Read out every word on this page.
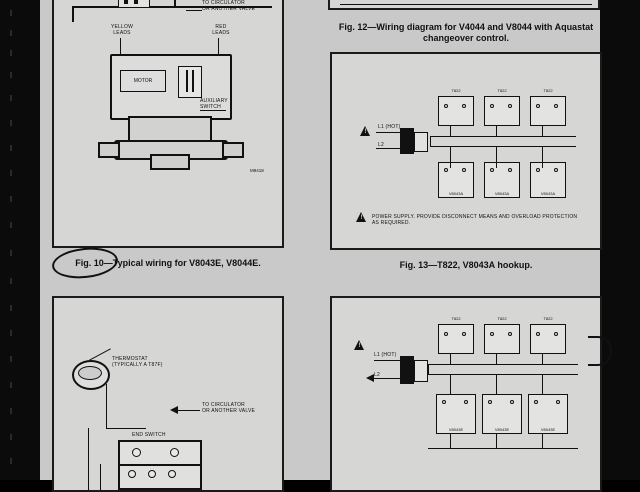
TO CIRCULATOR
OR ANOTHER VALVE
YELLOW
LEADS
RED
LEADS
MOTOR
AUXILIARY
SWITCH
M9418
Fig. 10—Typical wiring for V8043E, V8044E.
Fig. 12—Wiring diagram for V4044 and V8044 with Aquastat changeover control.
T822	T822	T822
V8043A	V8043A	V8043A
!
L1 (HOT)
L2
!
POWER SUPPLY. PROVIDE DISCONNECT MEANS AND OVERLOAD PROTECTION AS REQUIRED.
Fig. 13—T822, V8043A hookup.
THERMOSTAT
(TYPICALLY A T87F)
TO CIRCULATOR
OR ANOTHER VALVE
END SWITCH
T822	T822	T822
V8043E	V8043E	V8043E
!
L1 (HOT)
L2
